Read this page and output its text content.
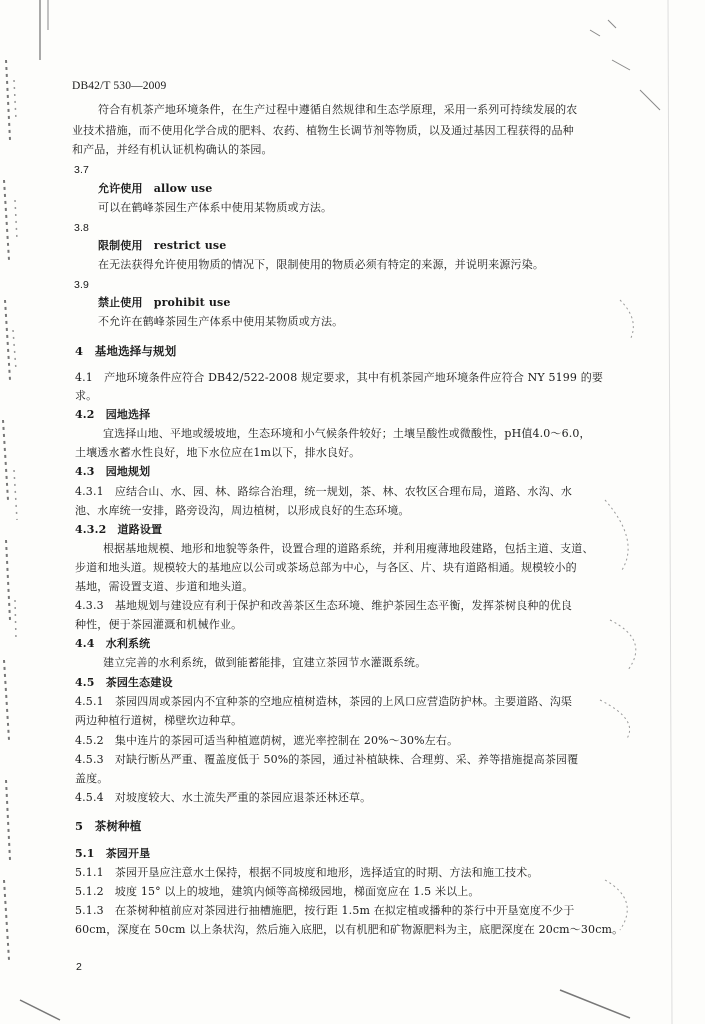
DB42/T 530—2009
符合有机茶产地环境条件，在生产过程中遵循自然规律和生态学原理，采用一系列可持续发展的农
业技术措施，而不使用化学合成的肥料、农药、植物生长调节剂等物质，以及通过基因工程获得的品种
和产品，并经有机认证机构确认的茶园。
3.7
允许使用　allow use
可以在鹤峰茶园生产体系中使用某物质或方法。
3.8
限制使用　restrict use
在无法获得允许使用物质的情况下，限制使用的物质必须有特定的来源，并说明来源污染。
3.9
禁止使用　prohibit use
不允许在鹤峰茶园生产体系中使用某物质或方法。
4　基地选择与规划
4.1　产地环境条件应符合 DB42/522-2008 规定要求，其中有机茶园产地环境条件应符合 NY 5199 的要
求。
4.2　园地选择
宜选择山地、平地或缓坡地，生态环境和小气候条件较好；土壤呈酸性或微酸性，pH值4.0～6.0，
土壤透水蓄水性良好，地下水位应在1m以下，排水良好。
4.3　园地规划
4.3.1　应结合山、水、园、林、路综合治理，统一规划，茶、林、农牧区合理布局，道路、水沟、水
池、水库统一安排，路旁设沟，周边植树，以形成良好的生态环境。
4.3.2　道路设置
根据基地规模、地形和地貌等条件，设置合理的道路系统，并利用瘦薄地段建路，包括主道、支道、
步道和地头道。规模较大的基地应以公司或茶场总部为中心，与各区、片、块有道路相通。规模较小的
基地，需设置支道、步道和地头道。
4.3.3　基地规划与建设应有利于保护和改善茶区生态环境、维护茶园生态平衡，发挥茶树良种的优良
种性，便于茶园灌溉和机械作业。
4.4　水利系统
建立完善的水利系统，做到能蓄能排，宜建立茶园节水灌溉系统。
4.5　茶园生态建设
4.5.1　茶园四周或茶园内不宜种茶的空地应植树造林，茶园的上风口应营造防护林。主要道路、沟渠
两边种植行道树，梯壁坎边种草。
4.5.2　集中连片的茶园可适当种植遮荫树，遮光率控制在 20%～30%左右。
4.5.3　对缺行断丛严重、覆盖度低于 50%的茶园，通过补植缺株、合理剪、采、养等措施提高茶园覆
盖度。
4.5.4　对坡度较大、水土流失严重的茶园应退茶还林还草。
5　茶树种植
5.1　茶园开垦
5.1.1　茶园开垦应注意水土保持，根据不同坡度和地形，选择适宜的时期、方法和施工技术。
5.1.2　坡度 15° 以上的坡地，建筑内倾等高梯级园地，梯面宽应在 1.5 米以上。
5.1.3　在茶树种植前应对茶园进行抽槽施肥，按行距 1.5m 在拟定植或播种的茶行中开垦宽度不少于
60cm，深度在 50cm 以上条状沟，然后施入底肥，以有机肥和矿物源肥料为主，底肥深度在 20cm～30cm。
2
